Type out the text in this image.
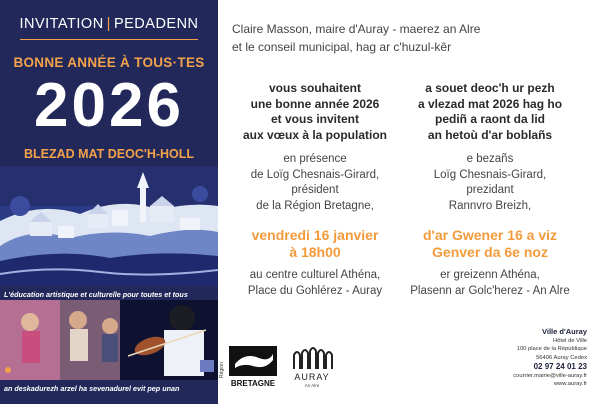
INVITATION | PEDADENN
BONNE ANNÉE À TOUS·TES
2026
BLEZAD MAT DEOC'H-HOLL
L'éducation artistique et culturelle pour toutes et tous
an deskadurezh arzel ha sevenadurel evit pep unan
Claire Masson, maire d'Auray - maerez an Alre
et le conseil municipal, hag ar c'huzul-kêr
vous souhaitent
une bonne année 2026
et vous invitent
aux vœux à la population
en présence
de Loïg Chesnais-Girard,
président
de la Région Bretagne,
vendredi 16 janvier
à 18h00
au centre culturel Athéna,
Place du Gohlérez - Auray
a souet deoc'h ur pezh
a vlezad mat 2026 hag ho
pediñ a raont da lid
an hetoù d'ar boblañs
e bezañs
Loïg Chesnais-Girard,
prezidant
Rannvro Breizh,
d'ar Gwener 16 a viz
Genver da 6e noz
er greizenn Athéna,
Plasenn ar Golc'herez - An Alre
Région
BRETAGNE
AURAY
An Alre
Ville d'Auray
Hôtel de Ville
100 place de la République
56406 Auray Cedex
02 97 24 01 23
courrier.mairie@ville-auray.fr
www.auray.fr
